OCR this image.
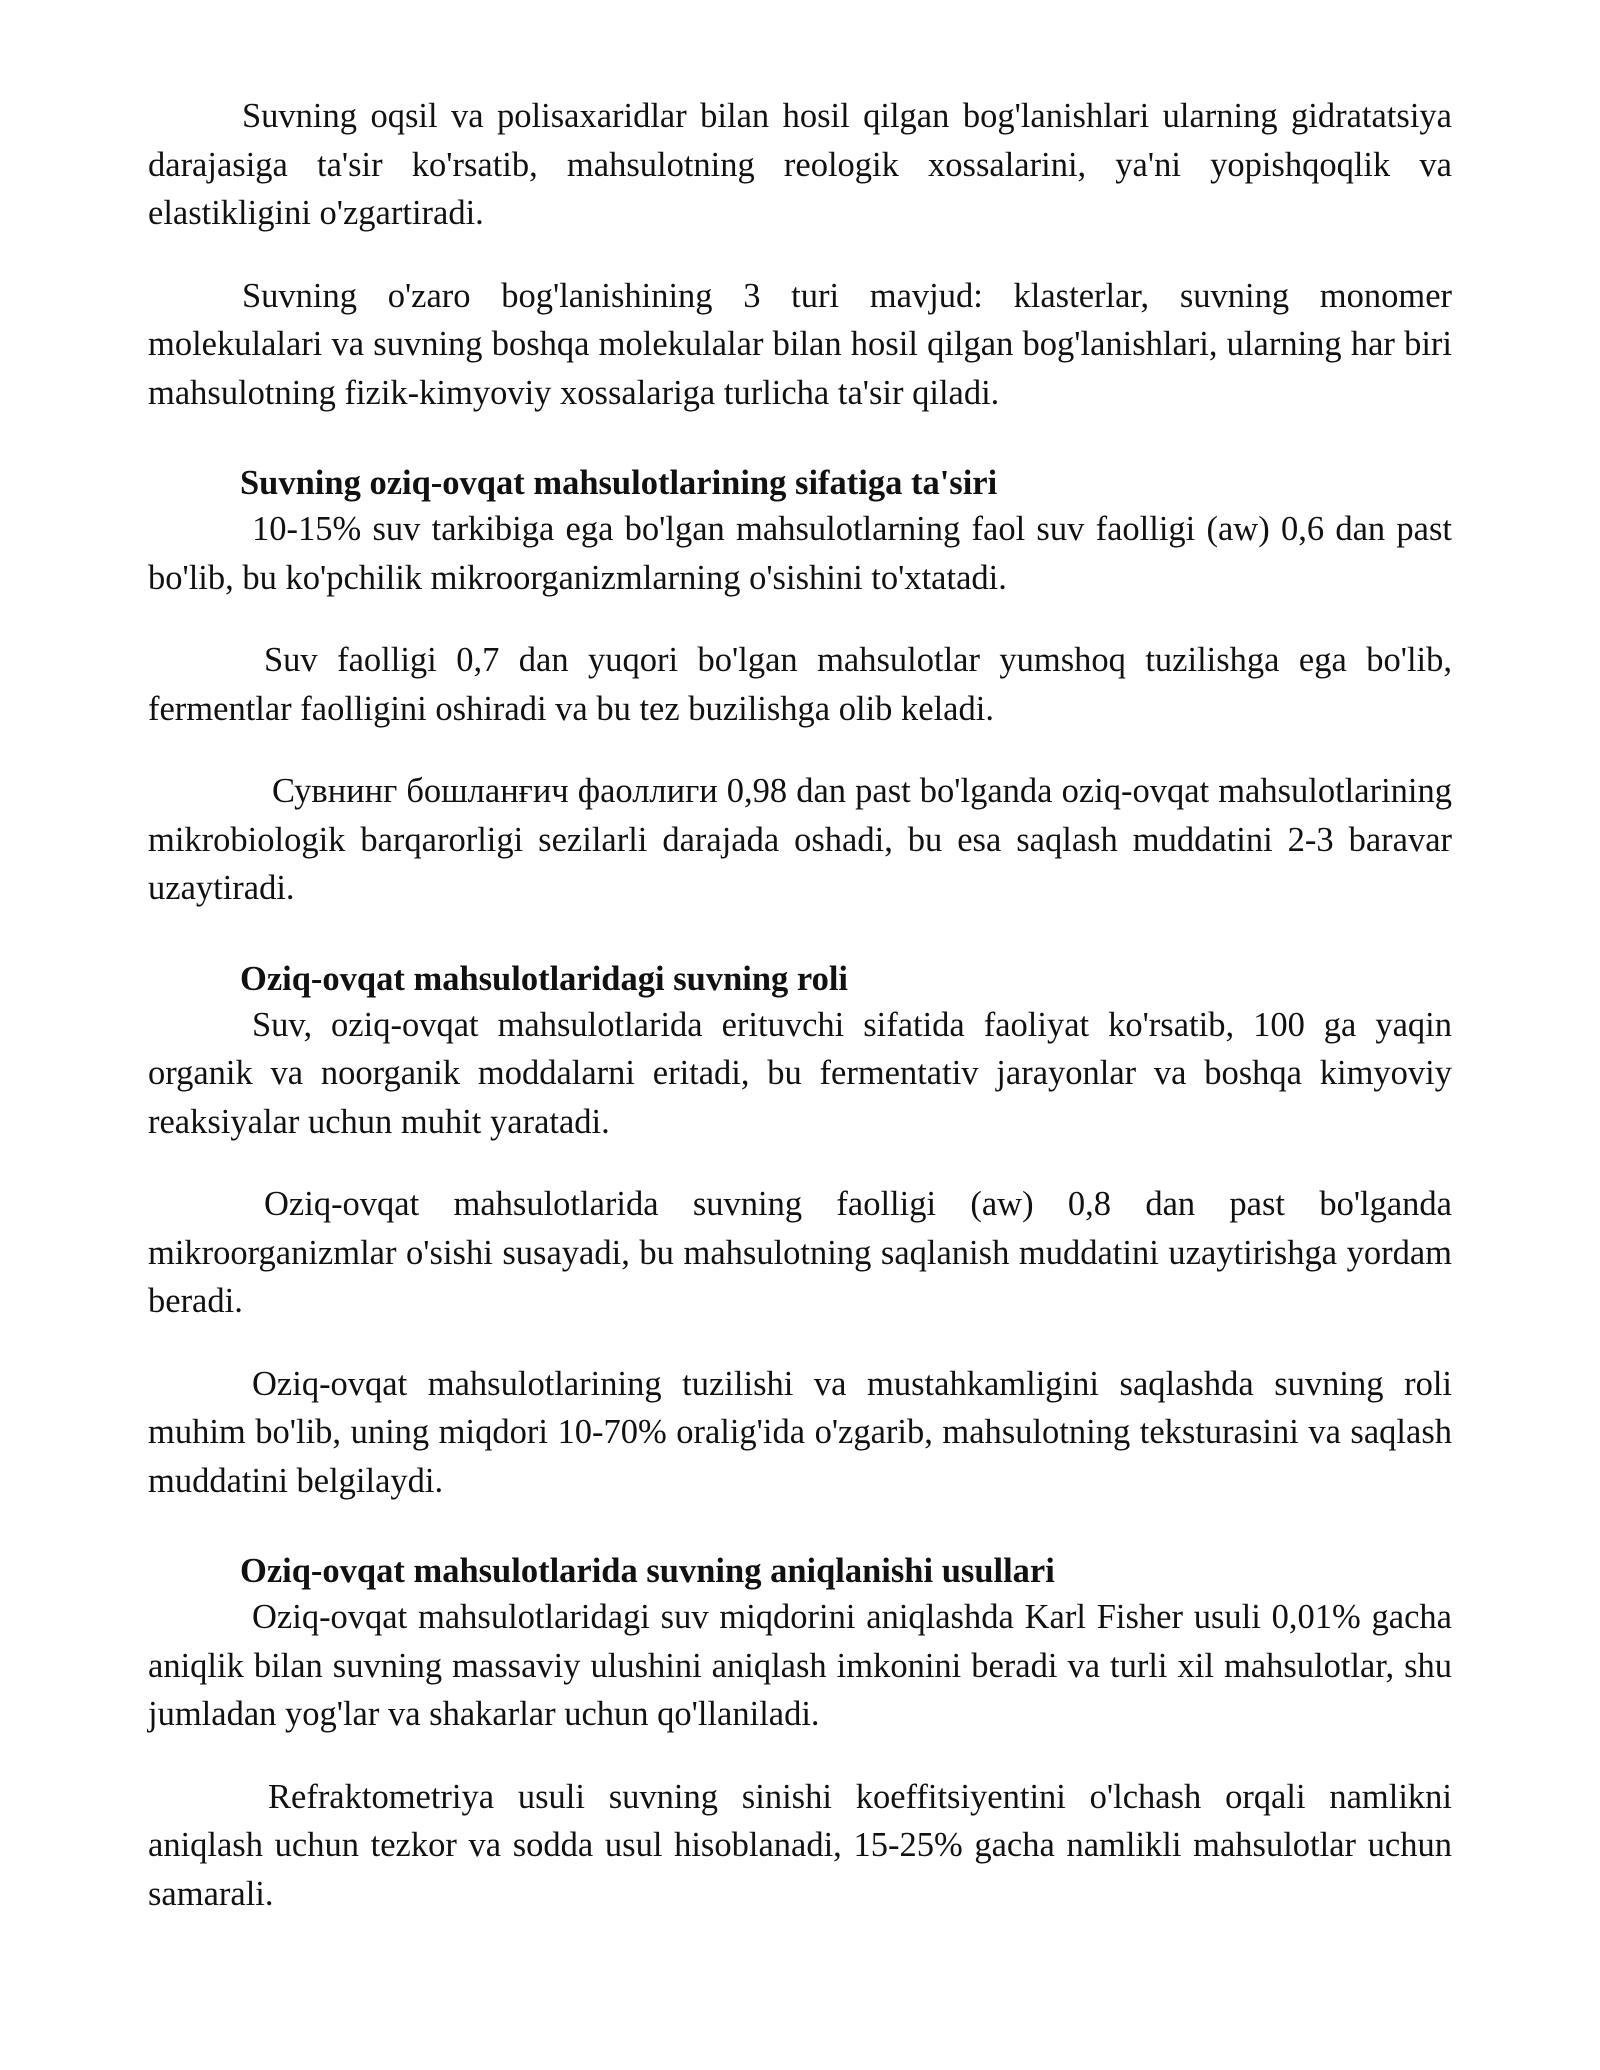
Suvning oqsil va polisaxaridlar bilan hosil qilgan bog'lanishlari ularning gidratatsiya darajasiga ta'sir ko'rsatib, mahsulotning reologik xossalarini, ya'ni yopishqoqlik va elastikligini o'zgartiradi.

Suvning o'zaro bog'lanishining 3 turi mavjud: klasterlar, suvning monomer molekulalari va suvning boshqa molekulalar bilan hosil qilgan bog'lanishlari, ularning har biri mahsulotning fizik-kimyoviy xossalariga turlicha ta'sir qiladi.

Suvning oziq-ovqat mahsulotlarining sifatiga ta'siri

10-15% suv tarkibiga ega bo'lgan mahsulotlarning faol suv faolligi (aw) 0,6 dan past bo'lib, bu ko'pchilik mikroorganizmlarning o'sishini to'xtatadi.

Suv faolligi 0,7 dan yuqori bo'lgan mahsulotlar yumshoq tuzilishga ega bo'lib, fermentlar faolligini oshiradi va bu tez buzilishga olib keladi.

Сувнинг бошланғич фаоллиги 0,98 dan past bo'lganda oziq-ovqat mahsulotlarining mikrobiologik barqarorligi sezilarli darajada oshadi, bu esa saqlash muddatini 2-3 baravar uzaytiradi.

Oziq-ovqat mahsulotlaridagi suvning roli

Suv, oziq-ovqat mahsulotlarida erituvchi sifatida faoliyat ko'rsatib, 100 ga yaqin organik va noorganik moddalarni eritadi, bu fermentativ jarayonlar va boshqa kimyoviy reaksiyalar uchun muhit yaratadi.

Oziq-ovqat mahsulotlarida suvning faolligi (aw) 0,8 dan past bo'lganda mikroorganizmlar o'sishi susayadi, bu mahsulotning saqlanish muddatini uzaytirishga yordam beradi.

Oziq-ovqat mahsulotlarining tuzilishi va mustahkamligini saqlashda suvning roli muhim bo'lib, uning miqdori 10-70% oralig'ida o'zgarib, mahsulotning teksturasini va saqlash muddatini belgilaydi.

Oziq-ovqat mahsulotlarida suvning aniqlanishi usullari

Oziq-ovqat mahsulotlaridagi suv miqdorini aniqlashda Karl Fisher usuli 0,01% gacha aniqlik bilan suvning massaviy ulushini aniqlash imkonini beradi va turli xil mahsulotlar, shu jumladan yog'lar va shakarlar uchun qo'llaniladi.

Refraktometriya usuli suvning sinishi koeffitsiyentini o'lchash orqali namlikni aniqlash uchun tezkor va sodda usul hisoblanadi, 15-25% gacha namlikli mahsulotlar uchun samarali.
